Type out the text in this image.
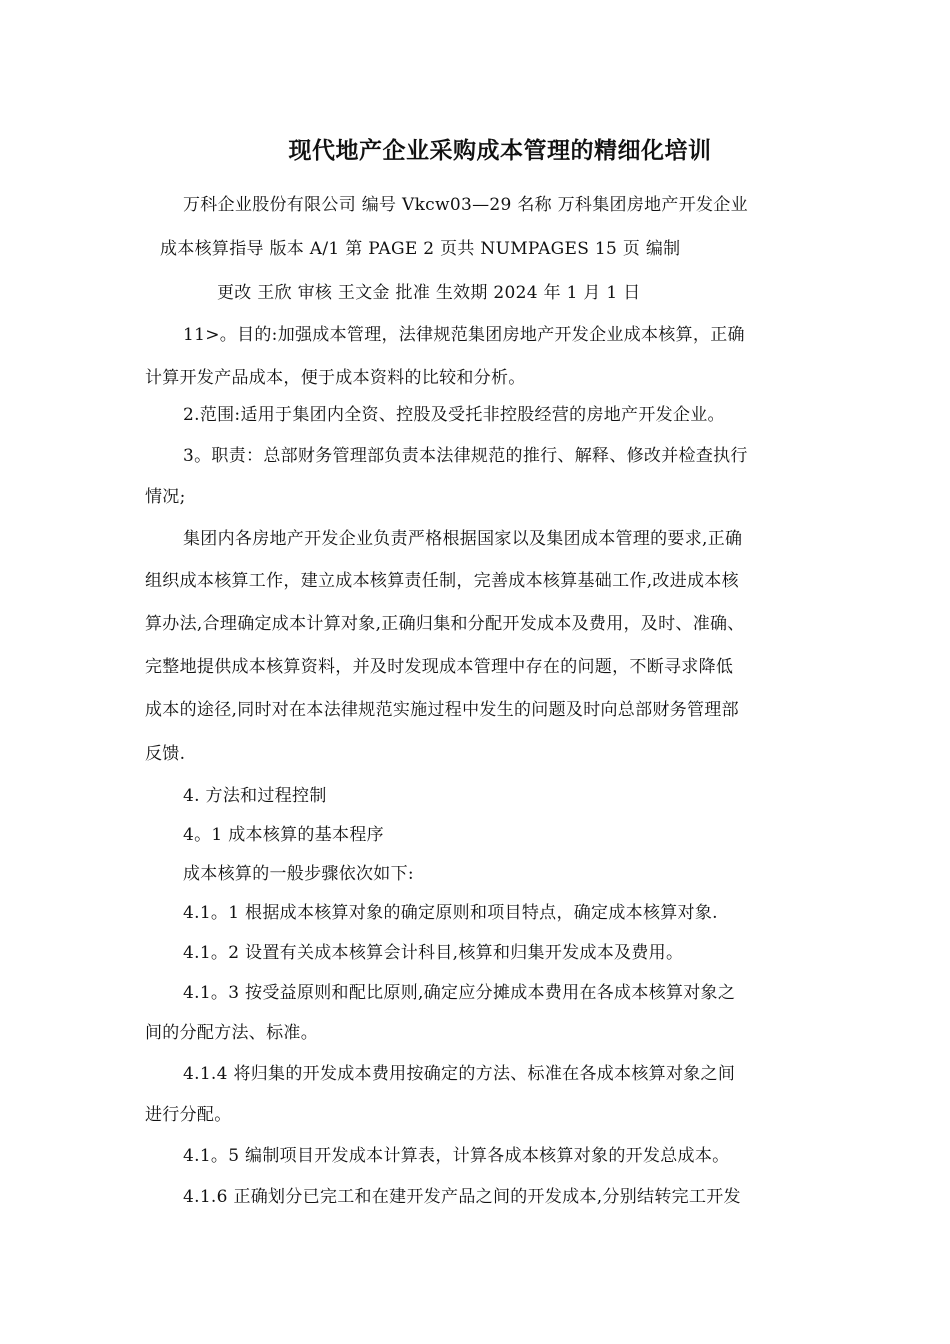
现代地产企业采购成本管理的精细化培训
万科企业股份有限公司 编号 Vkcw03—29 名称 万科集团房地产开发企业
成本核算指导 版本 A/1 第 PAGE 2 页共 NUMPAGES 15 页 编制
更改 王欣 审核 王文金 批准 生效期 2024 年 1 月 1 日
11>。目的:加强成本管理，法律规范集团房地产开发企业成本核算，正确
计算开发产品成本，便于成本资料的比较和分析。
2.范围:适用于集团内全资、控股及受托非控股经营的房地产开发企业。
3。职责：总部财务管理部负责本法律规范的推行、解释、修改并检查执行
情况;
集团内各房地产开发企业负责严格根据国家以及集团成本管理的要求,正确
组织成本核算工作，建立成本核算责任制，完善成本核算基础工作,改进成本核
算办法,合理确定成本计算对象,正确归集和分配开发成本及费用，及时、准确、
完整地提供成本核算资料，并及时发现成本管理中存在的问题，不断寻求降低
成本的途径,同时对在本法律规范实施过程中发生的问题及时向总部财务管理部
反馈.
4. 方法和过程控制
4。1 成本核算的基本程序
成本核算的一般步骤依次如下:
4.1。1 根据成本核算对象的确定原则和项目特点，确定成本核算对象.
4.1。2 设置有关成本核算会计科目,核算和归集开发成本及费用。
4.1。3 按受益原则和配比原则,确定应分摊成本费用在各成本核算对象之
间的分配方法、标准。
4.1.4 将归集的开发成本费用按确定的方法、标准在各成本核算对象之间
进行分配。
4.1。5 编制项目开发成本计算表，计算各成本核算对象的开发总成本。
4.1.6 正确划分已完工和在建开发产品之间的开发成本,分别结转完工开发
